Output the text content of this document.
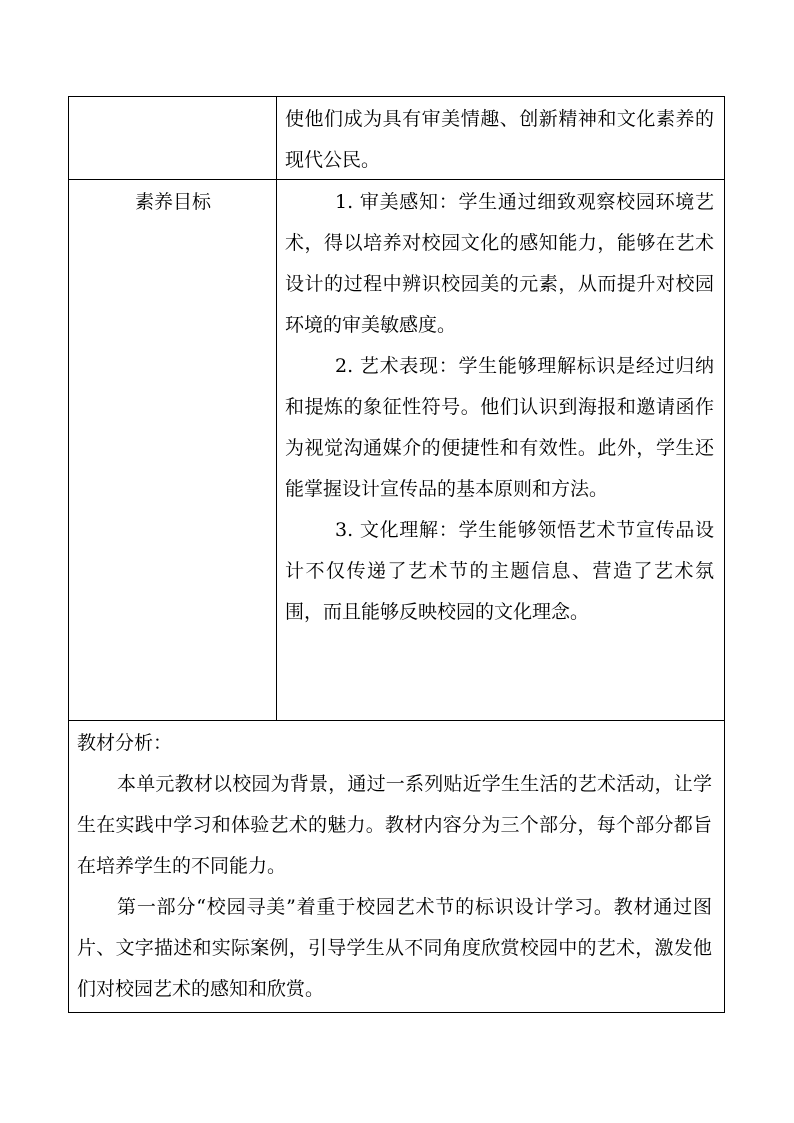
使他们成为具有审美情趣、创新精神和文化素养的现代公民。

素养目标	1. 审美感知：学生通过细致观察校园环境艺术，得以培养对校园文化的感知能力，能够在艺术设计的过程中辨识校园美的元素，从而提升对校园环境的审美敏感度。

2. 艺术表现：学生能够理解标识是经过归纳和提炼的象征性符号。他们认识到海报和邀请函作为视觉沟通媒介的便捷性和有效性。此外，学生还能掌握设计宣传品的基本原则和方法。

3. 文化理解：学生能够领悟艺术节宣传品设计不仅传递了艺术节的主题信息、营造了艺术氛围，而且能够反映校园的文化理念。

教材分析：

本单元教材以校园为背景，通过一系列贴近学生生活的艺术活动，让学生在实践中学习和体验艺术的魅力。教材内容分为三个部分，每个部分都旨在培养学生的不同能力。

第一部分“校园寻美”着重于校园艺术节的标识设计学习。教材通过图片、文字描述和实际案例，引导学生从不同角度欣赏校园中的艺术，激发他们对校园艺术的感知和欣赏。
